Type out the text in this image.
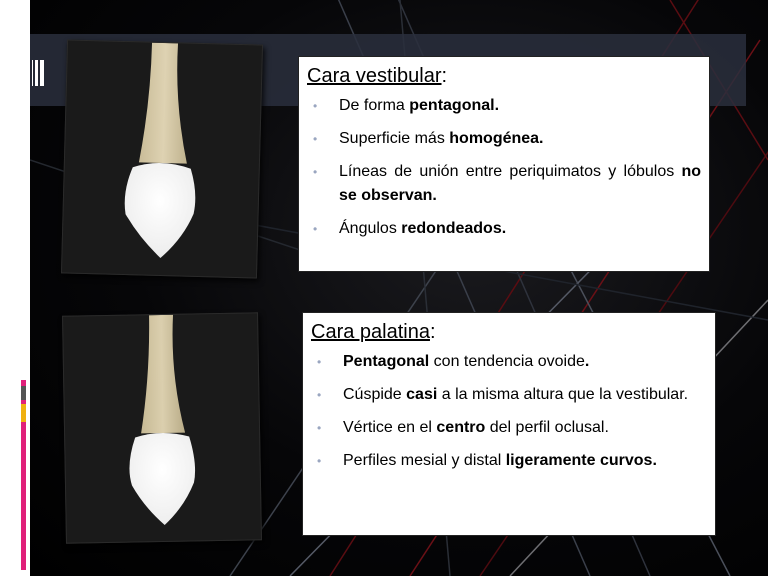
Cara vestibular:
• De forma pentagonal.
• Superficie más homogénea.
• Líneas de unión entre periquimatos y lóbulos no se observan.
• Ángulos redondeados.
Cara palatina:
• Pentagonal con tendencia ovoide.
• Cúspide casi a la misma altura que la vestibular.
• Vértice en el centro del perfil oclusal.
• Perfiles mesial y distal ligeramente curvos.
